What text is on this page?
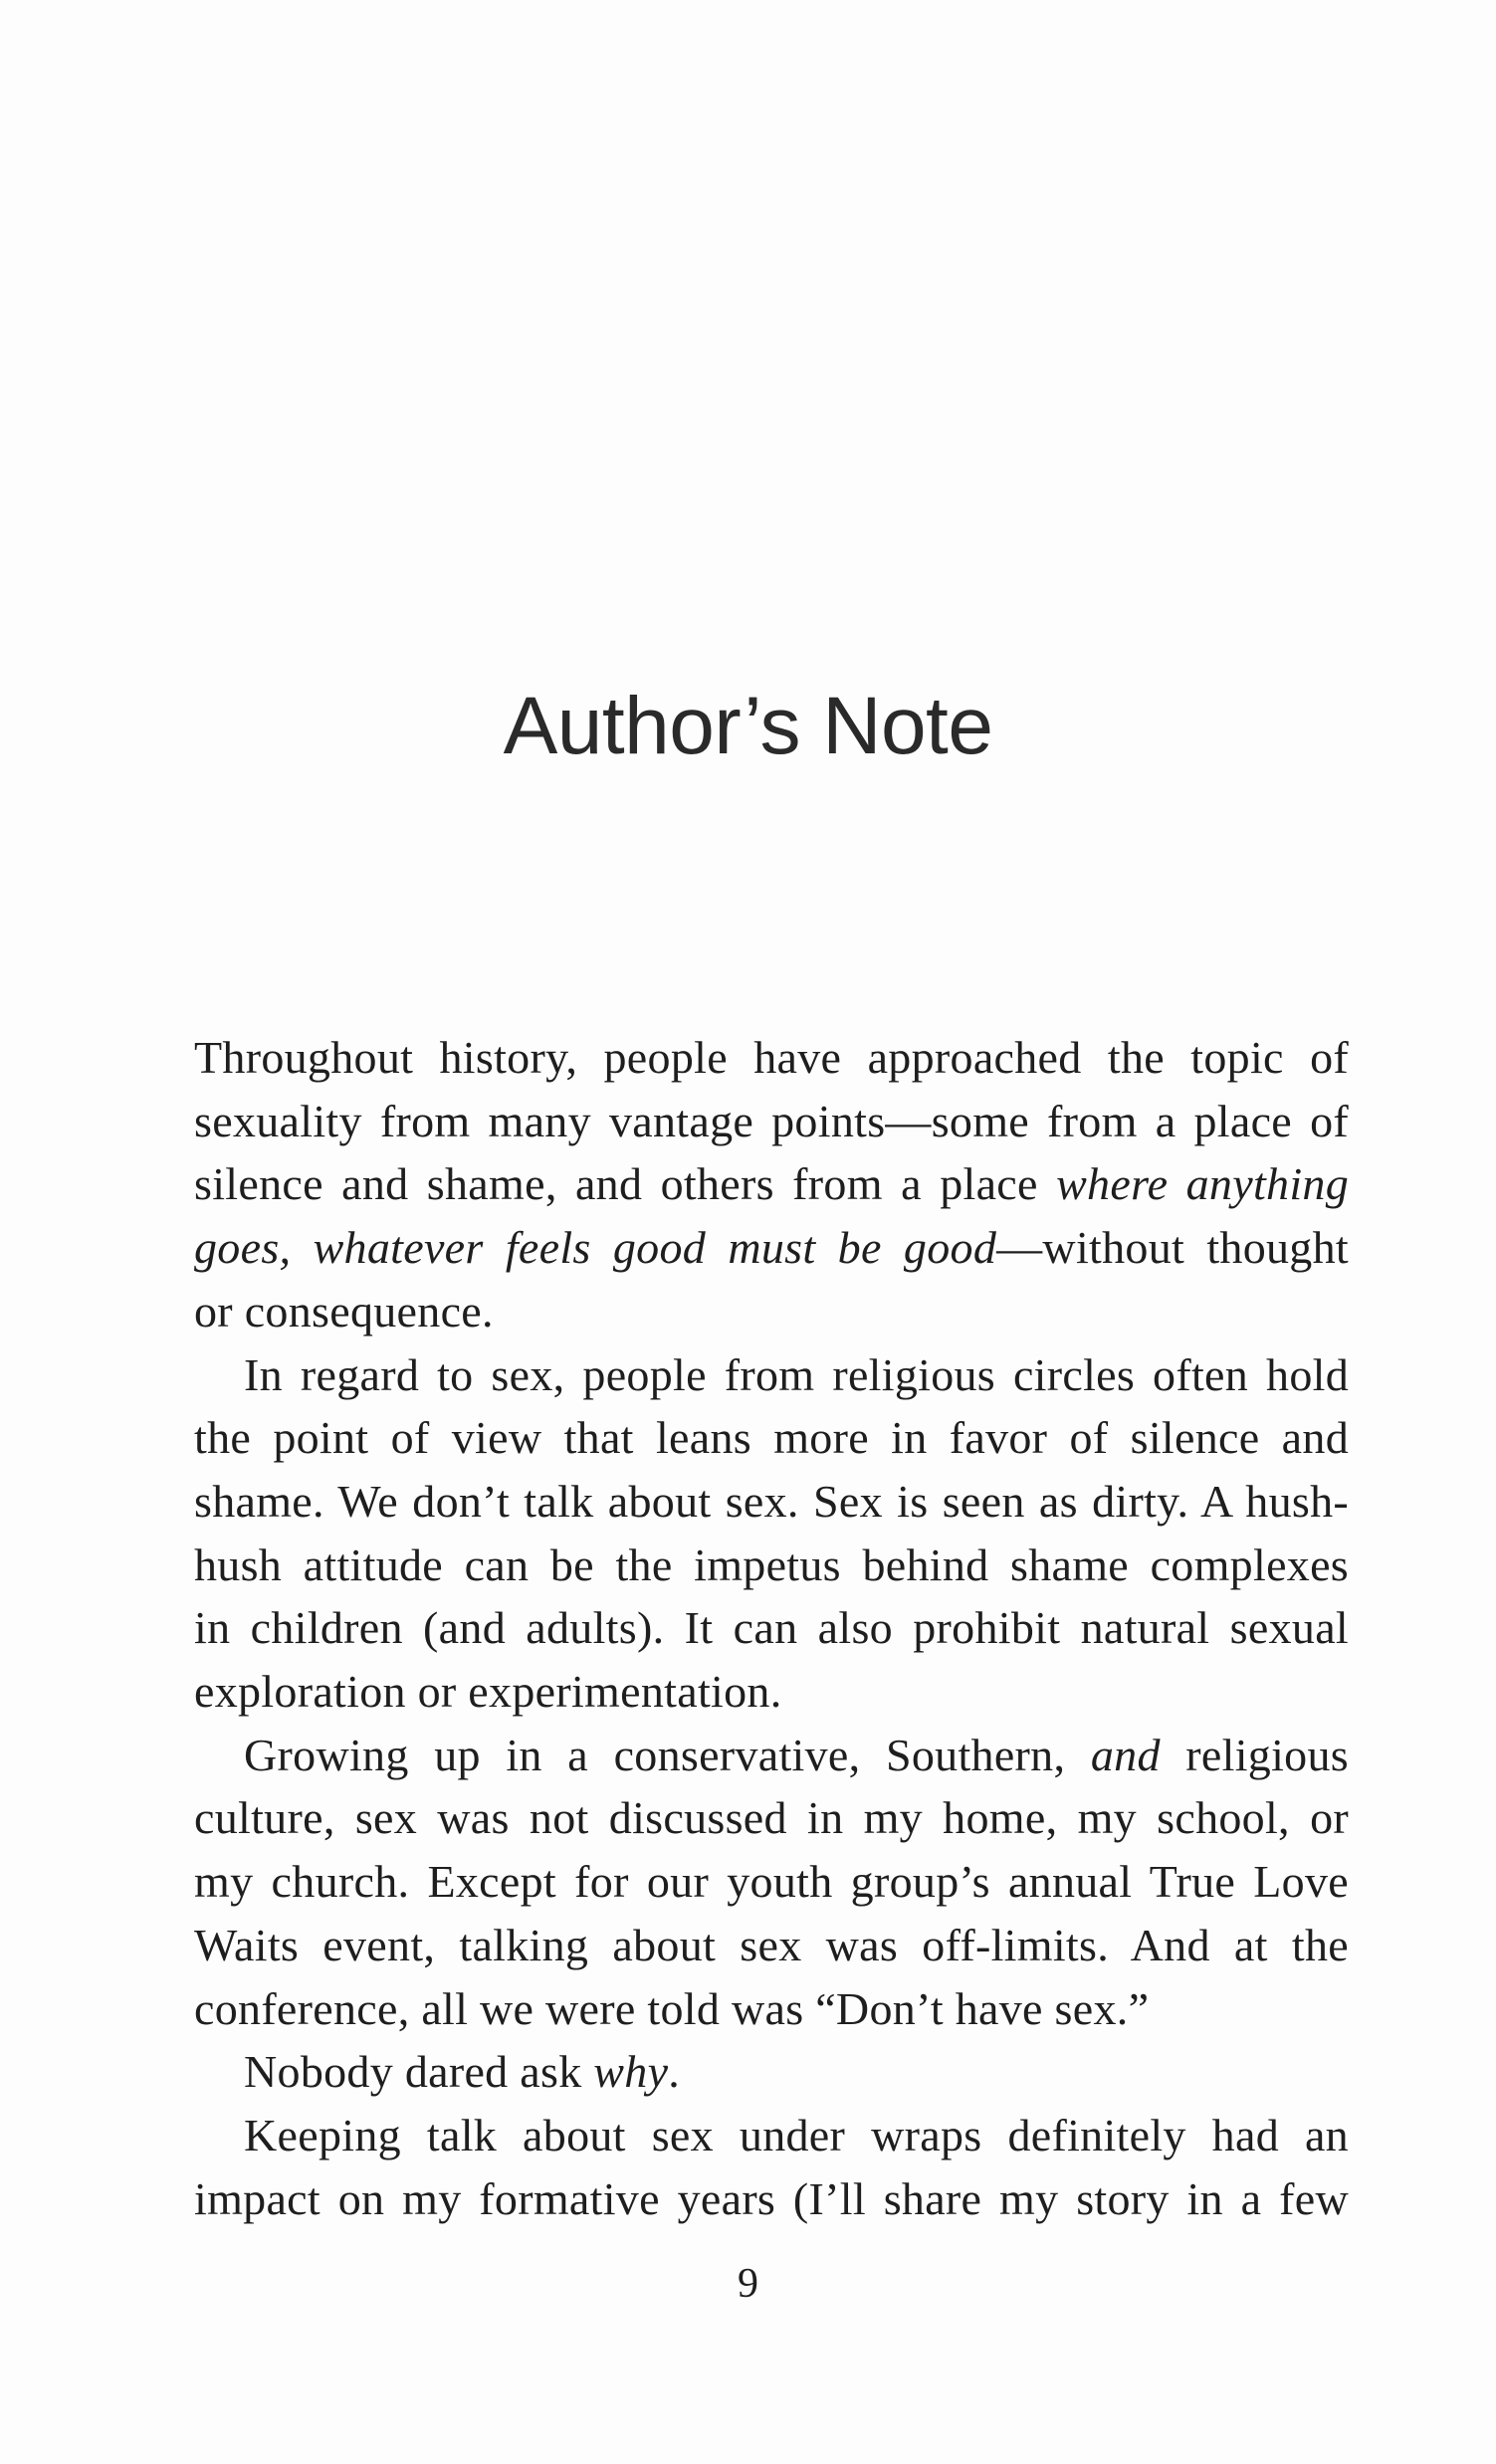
Author’s Note
Throughout history, people have approached the topic of
sexuality from many vantage points—some from a place of
silence and shame, and others from a place where anything
goes, whatever feels good must be good—without thought
or consequence.
In regard to sex, people from religious circles often hold
the point of view that leans more in favor of silence and
shame. We don’t talk about sex. Sex is seen as dirty. A hush-
hush attitude can be the impetus behind shame complexes
in children (and adults). It can also prohibit natural sexual
exploration or experimentation.
Growing up in a conservative, Southern, and religious
culture, sex was not discussed in my home, my school, or
my church. Except for our youth group’s annual True Love
Waits event, talking about sex was off-limits. And at the
conference, all we were told was “Don’t have sex.”
Nobody dared ask why.
Keeping talk about sex under wraps definitely had an
impact on my formative years (I’ll share my story in a few
9
